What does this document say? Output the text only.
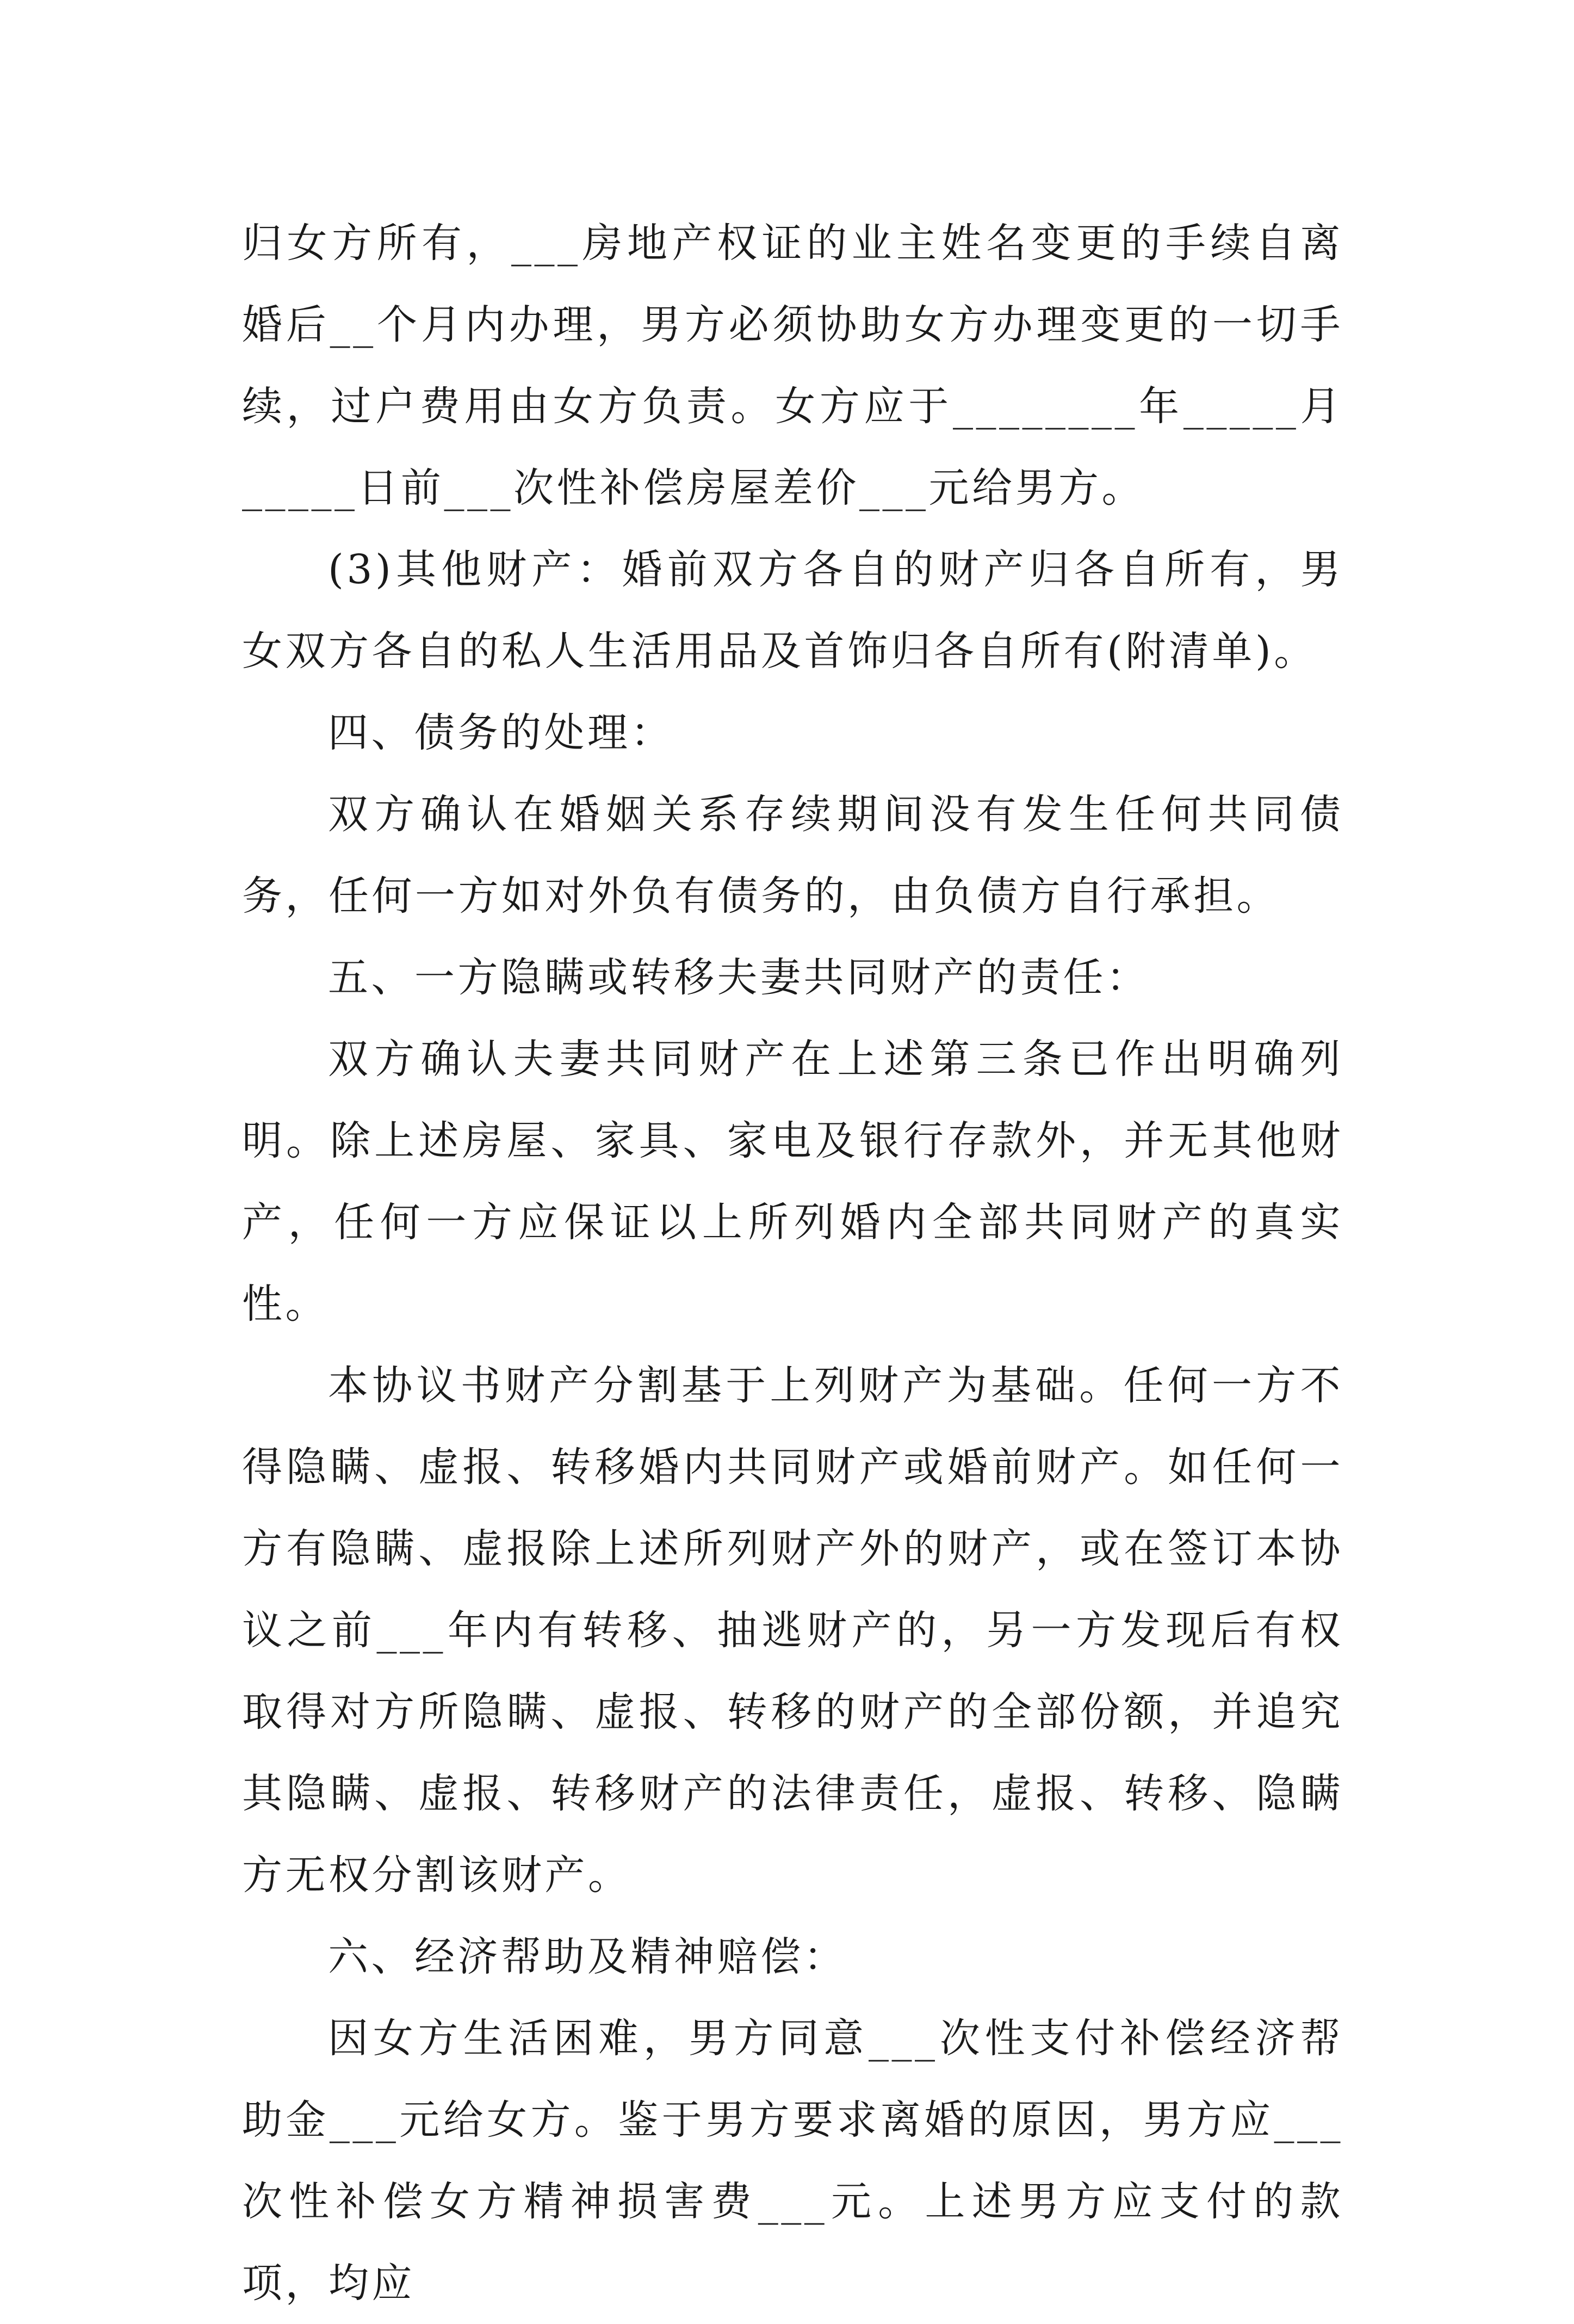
归女方所有，___房地产权证的业主姓名变更的手续自离婚后__个月内办理，男方必须协助女方办理变更的一切手续，过户费用由女方负责。女方应于________年_____月_____日前___次性补偿房屋差价___元给男方。

(3)其他财产：婚前双方各自的财产归各自所有，男女双方各自的私人生活用品及首饰归各自所有(附清单)。

四、债务的处理：

双方确认在婚姻关系存续期间没有发生任何共同债务，任何一方如对外负有债务的，由负债方自行承担。

五、一方隐瞒或转移夫妻共同财产的责任：

双方确认夫妻共同财产在上述第三条已作出明确列明。除上述房屋、家具、家电及银行存款外，并无其他财产，任何一方应保证以上所列婚内全部共同财产的真实性。

本协议书财产分割基于上列财产为基础。任何一方不得隐瞒、虚报、转移婚内共同财产或婚前财产。如任何一方有隐瞒、虚报除上述所列财产外的财产，或在签订本协议之前___年内有转移、抽逃财产的，另一方发现后有权取得对方所隐瞒、虚报、转移的财产的全部份额，并追究其隐瞒、虚报、转移财产的法律责任，虚报、转移、隐瞒方无权分割该财产。

六、经济帮助及精神赔偿：

因女方生活困难，男方同意___次性支付补偿经济帮助金___元给女方。鉴于男方要求离婚的原因，男方应___次性补偿女方精神损害费___元。上述男方应支付的款项，均应
